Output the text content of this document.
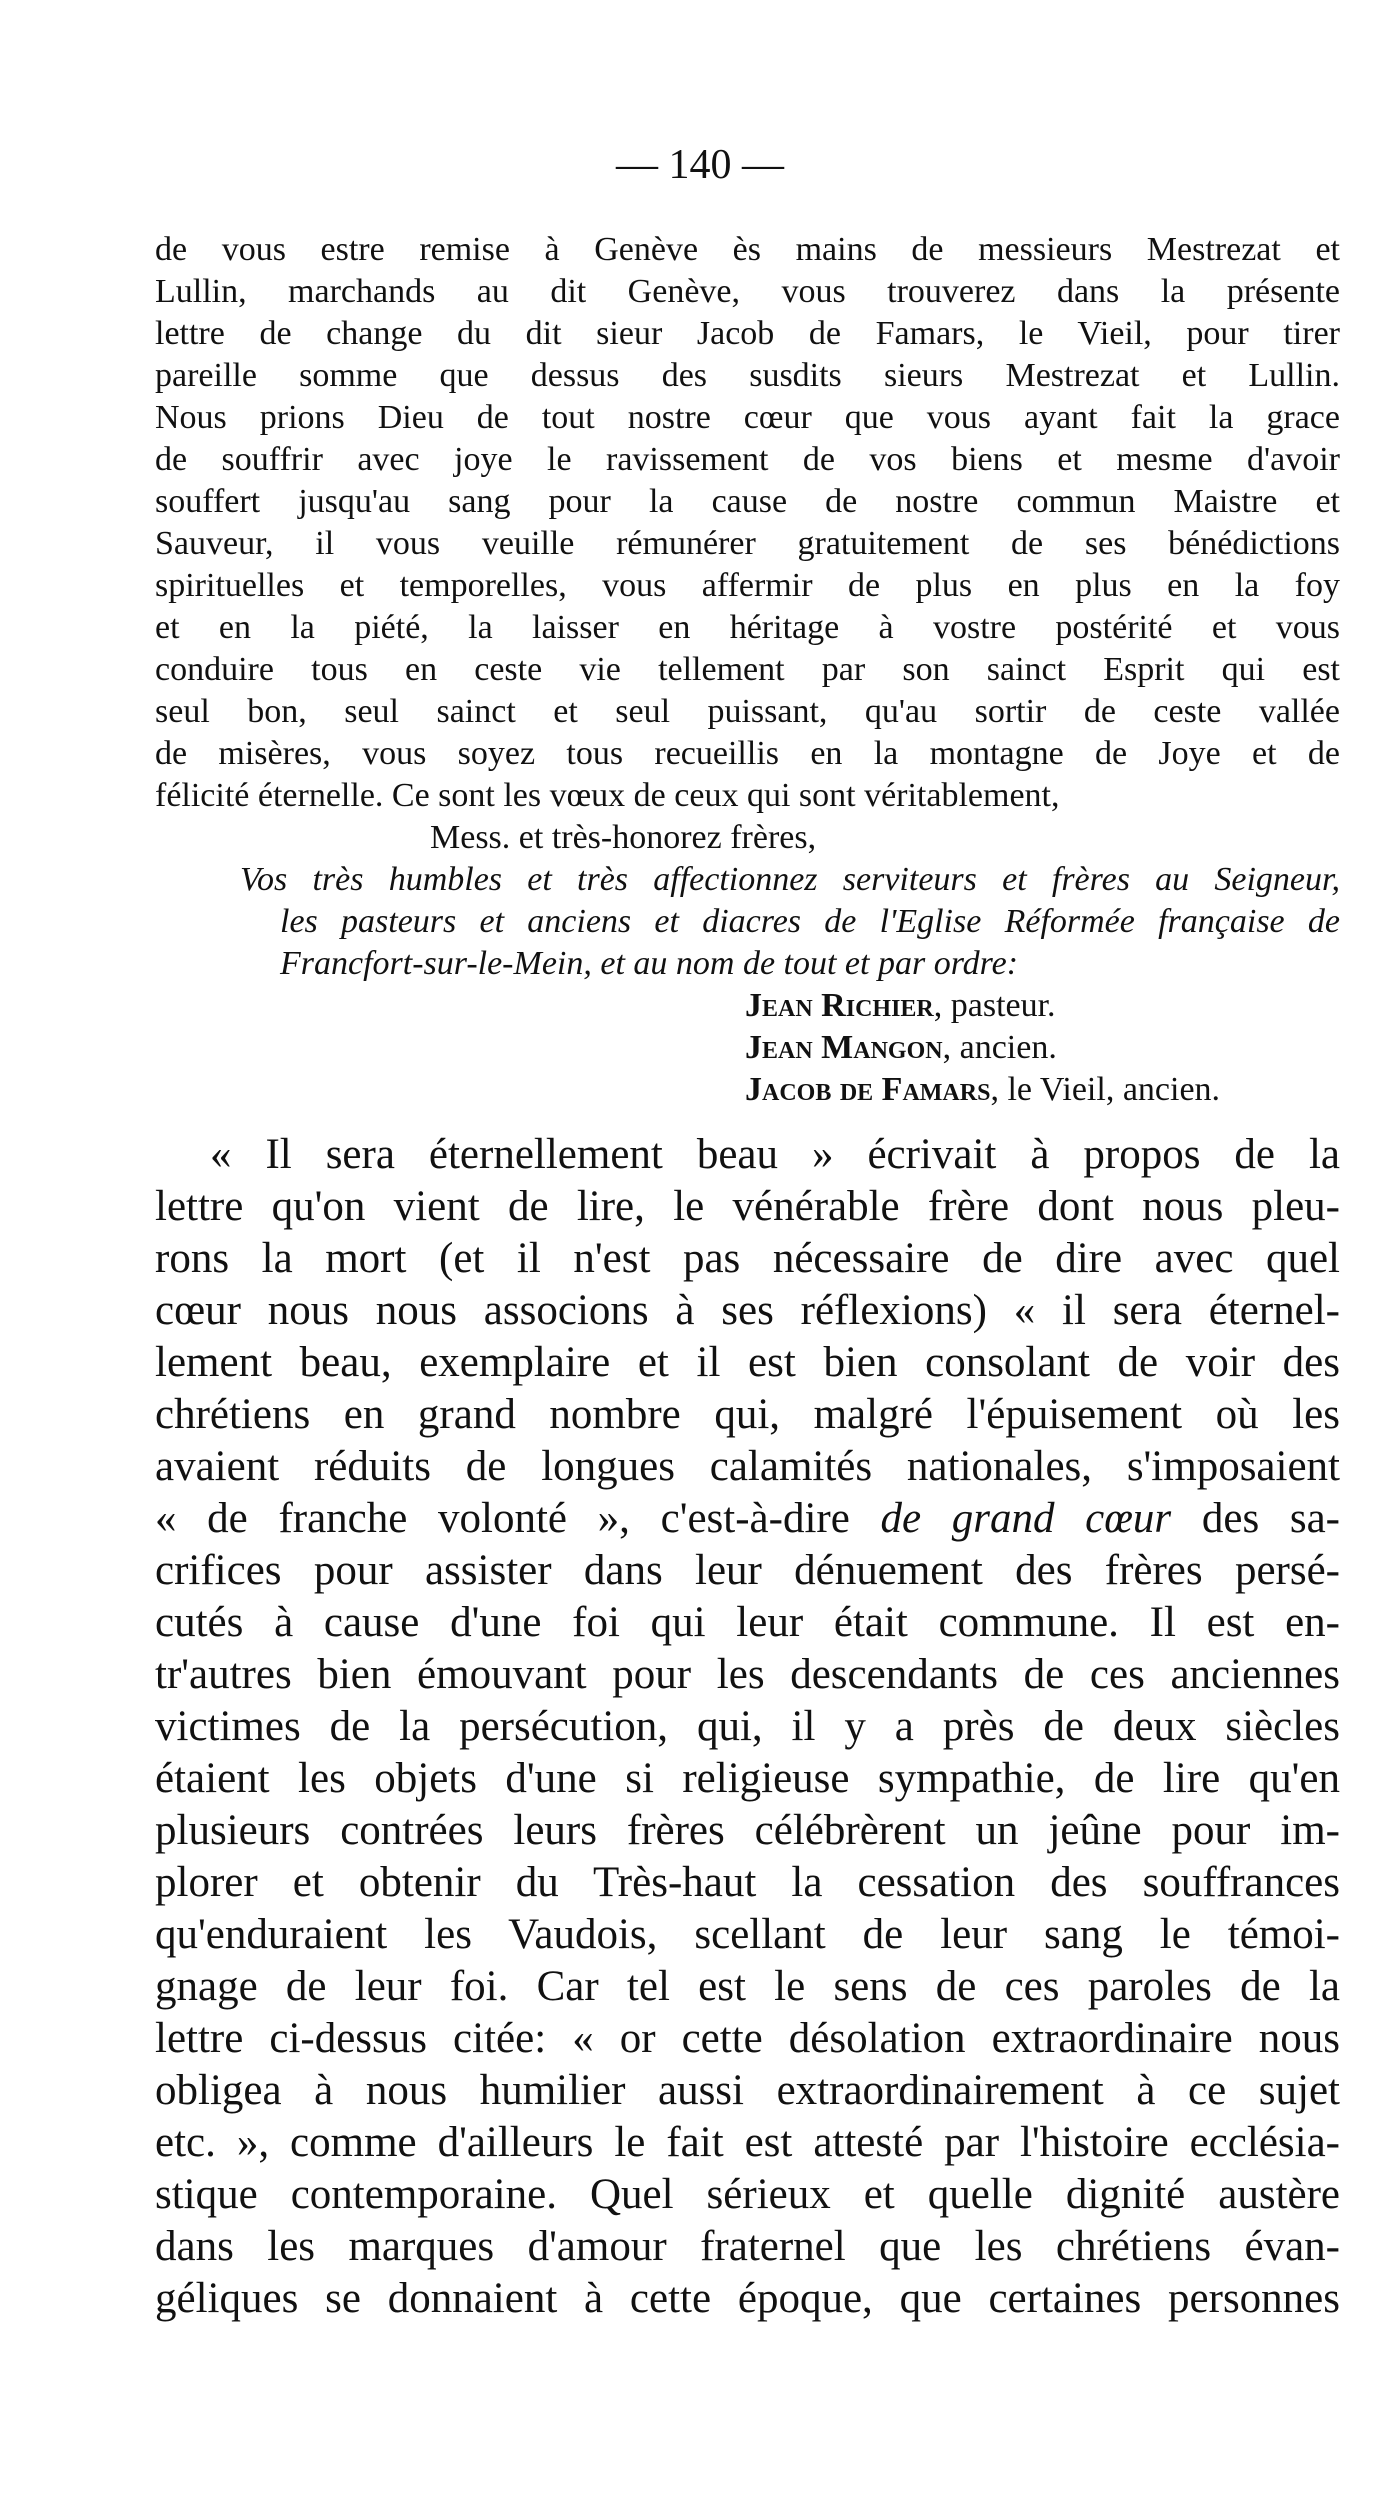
— 140 —
de vous estre remise à Genève ès mains de messieurs Mestrezat et
Lullin, marchands au dit Genève, vous trouverez dans la présente
lettre de change du dit sieur Jacob de Famars, le Vieil, pour tirer
pareille somme que dessus des susdits sieurs Mestrezat et Lullin.
Nous prions Dieu de tout nostre cœur que vous ayant fait la grace
de souffrir avec joye le ravissement de vos biens et mesme d'avoir
souffert jusqu'au sang pour la cause de nostre commun Maistre et
Sauveur, il vous veuille rémunérer gratuitement de ses bénédictions
spirituelles et temporelles, vous affermir de plus en plus en la foy
et en la piété, la laisser en héritage à vostre postérité et vous
conduire tous en ceste vie tellement par son sainct Esprit qui est
seul bon, seul sainct et seul puissant, qu'au sortir de ceste vallée
de misères, vous soyez tous recueillis en la montagne de Joye et de
félicité éternelle. Ce sont les vœux de ceux qui sont véritablement,
Mess. et très-honorez frères,
Vos très humbles et très affectionnez serviteurs et frères au Seigneur,
les pasteurs et anciens et diacres de l'Eglise Réformée française de
Francfort-sur-le-Mein, et au nom de tout et par ordre:
Jean Richier, pasteur.
Jean Mangon, ancien.
Jacob de Famars, le Vieil, ancien.
« Il sera éternellement beau » écrivait à propos de la
lettre qu'on vient de lire, le vénérable frère dont nous pleu-
rons la mort (et il n'est pas nécessaire de dire avec quel
cœur nous nous associons à ses réflexions) « il sera éternel-
lement beau, exemplaire et il est bien consolant de voir des
chrétiens en grand nombre qui, malgré l'épuisement où les
avaient réduits de longues calamités nationales, s'imposaient
« de franche volonté », c'est-à-dire de grand cœur des sa-
crifices pour assister dans leur dénuement des frères persé-
cutés à cause d'une foi qui leur était commune. Il est en-
tr'autres bien émouvant pour les descendants de ces anciennes
victimes de la persécution, qui, il y a près de deux siècles
étaient les objets d'une si religieuse sympathie, de lire qu'en
plusieurs contrées leurs frères célébrèrent un jeûne pour im-
plorer et obtenir du Très-haut la cessation des souffrances
qu'enduraient les Vaudois, scellant de leur sang le témoi-
gnage de leur foi. Car tel est le sens de ces paroles de la
lettre ci-dessus citée: « or cette désolation extraordinaire nous
obligea à nous humilier aussi extraordinairement à ce sujet
etc. », comme d'ailleurs le fait est attesté par l'histoire ecclésia-
stique contemporaine. Quel sérieux et quelle dignité austère
dans les marques d'amour fraternel que les chrétiens évan-
géliques se donnaient à cette époque, que certaines personnes
